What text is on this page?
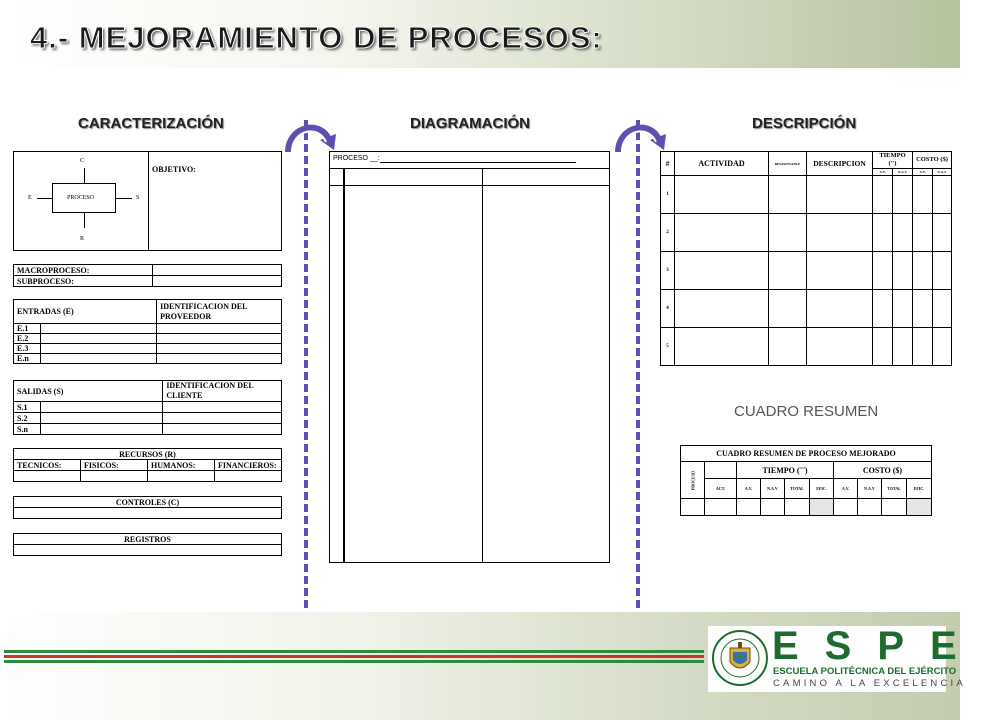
4.- MEJORAMIENTO DE PROCESOS:
CARACTERIZACIÓN	DIAGRAMACIÓN	DESCRIPCIÓN
OBJETIVO:
PROCESO
C
E	S
R
MACROPROCESO:	
SUBPROCESO:	
ENTRADAS (E)		IDENTIFICACION DEL PROVEEDOR
E.1		
E.2		
E.3		
E.n		
SALIDAS (S)		IDENTIFICACION DEL CLIENTE
S.1		
S.2		
S.n		
RECURSOS (R)			
TECNICOS:	FISICOS:	HUMANOS:	FINANCIEROS:

CONTROLES (C)

REGISTROS

PROCESO __:
#	ACTIVIDAD	RESPONSABLE	DESCRIPCION	TIEMPO (")		COSTO ($)	
				A.V.	N.A.V	A.V.	N.A.V
1							
2							
3							
4							
5							
CUADRO RESUMEN
CUADRO RESUMEN DE PROCESO MEJORADO									

PROCESO		TIEMPO (¨¨)				COSTO ($)			
	ACT.	A.V.	N.A.V	TOTAL	EFIC.	A.V.	N.A.V	TOTAL	EFIC.

ESPE
ESCUELA POLITÉCNICA DEL EJÉRCITO
CAMINO A LA EXCELENCIA
